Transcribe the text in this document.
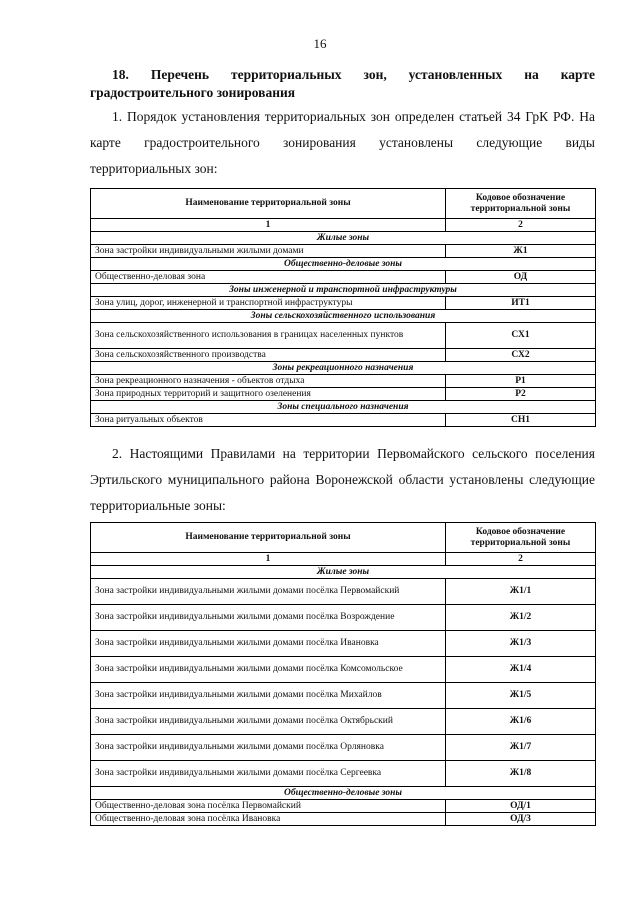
16
18. Перечень территориальных зон, установленных на карте градостроительного зонирования
1. Порядок установления территориальных зон определен статьей 34 ГрК РФ. На карте градостроительного зонирования установлены следующие виды территориальных зон:
Наименование территориальной зоны	Кодовое обозначение территориальной зоны
1	2
Жилые зоны	
Зона застройки индивидуальными жилыми домами	Ж1
Общественно-деловые зоны	
Общественно-деловая зона	ОД
Зоны инженерной и транспортной инфраструктуры	
Зона улиц, дорог, инженерной и транспортной инфраструктуры	ИТ1
Зоны сельскохозяйственного использования	
Зона сельскохозяйственного использования в границах населенных пунктов	СХ1
Зона сельскохозяйственного производства	СХ2
Зоны рекреационного назначения	
Зона рекреационного назначения - объектов отдыха	Р1
Зона природных территорий и защитного озеленения	Р2
Зоны специального назначения	
Зона ритуальных объектов	СН1
2. Настоящими Правилами на территории Первомайского сельского поселения Эртильского муниципального района Воронежской области установлены следующие территориальные зоны:
Наименование территориальной зоны	Кодовое обозначение территориальной зоны
1	2
Жилые зоны	
Зона застройки индивидуальными жилыми домами посёлка Первомайский	Ж1/1
Зона застройки индивидуальными жилыми домами посёлка Возрождение	Ж1/2
Зона застройки индивидуальными жилыми домами посёлка Ивановка	Ж1/3
Зона застройки индивидуальными жилыми домами посёлка Комсомольское	Ж1/4
Зона застройки индивидуальными жилыми домами посёлка Михайлов	Ж1/5
Зона застройки индивидуальными жилыми домами посёлка Октябрьский	Ж1/6
Зона застройки индивидуальными жилыми домами посёлка Орляновка	Ж1/7
Зона застройки индивидуальными жилыми домами посёлка Сергеевка	Ж1/8
Общественно-деловые зоны	
Общественно-деловая зона посёлка Первомайский	ОД/1
Общественно-деловая зона посёлка Ивановка	ОД/3
